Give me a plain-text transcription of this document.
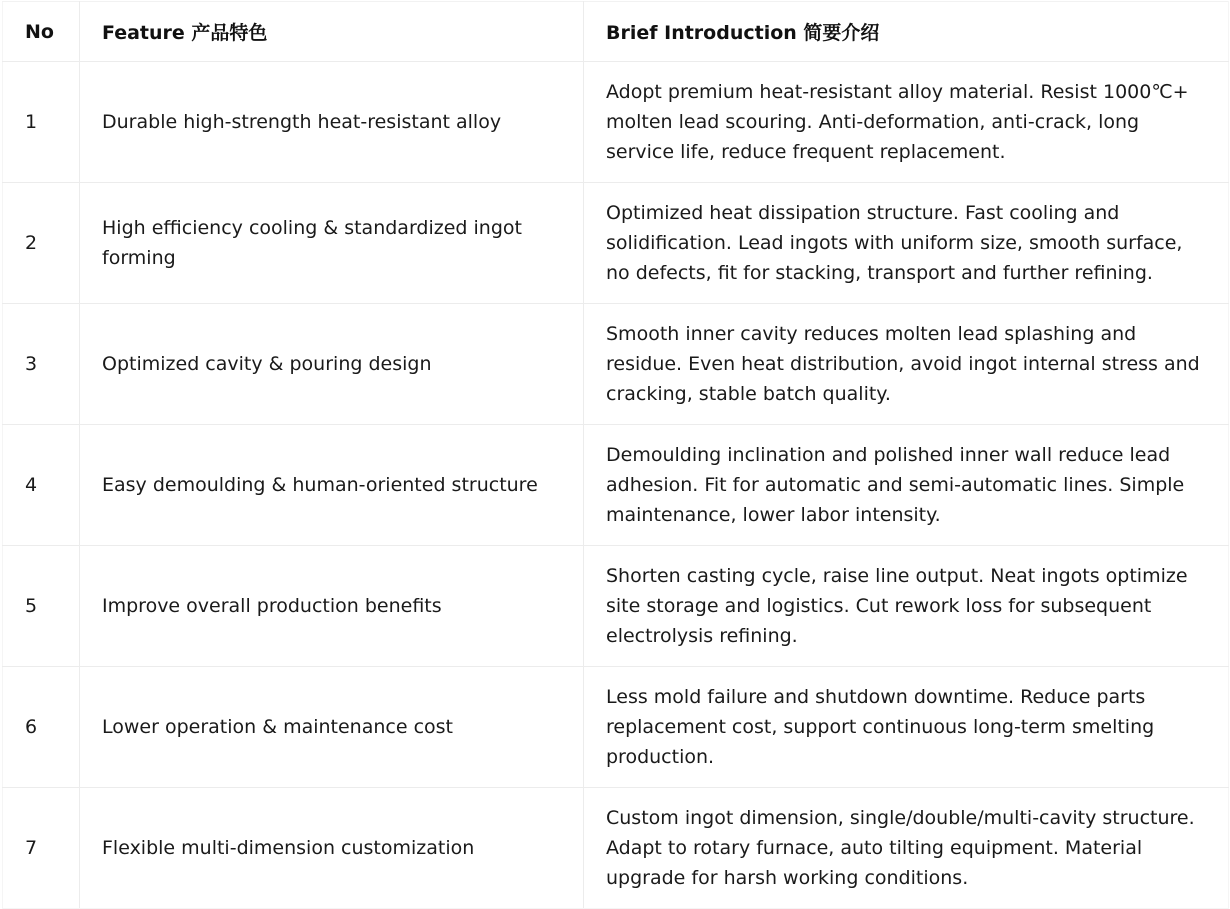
No	Feature 产品特色	Brief Introduction 简要介绍
1	Durable high-strength heat-resistant alloy	Adopt premium heat-resistant alloy material. Resist 1000℃+ molten lead scouring. Anti-deformation, anti-crack, long service life, reduce frequent replacement.
2	High efficiency cooling & standardized ingot forming	Optimized heat dissipation structure. Fast cooling and solidification. Lead ingots with uniform size, smooth surface, no defects, fit for stacking, transport and further refining.
3	Optimized cavity & pouring design	Smooth inner cavity reduces molten lead splashing and residue. Even heat distribution, avoid ingot internal stress and cracking, stable batch quality.
4	Easy demoulding & human-oriented structure	Demoulding inclination and polished inner wall reduce lead adhesion. Fit for automatic and semi-automatic lines. Simple maintenance, lower labor intensity.
5	Improve overall production benefits	Shorten casting cycle, raise line output. Neat ingots optimize site storage and logistics. Cut rework loss for subsequent electrolysis refining.
6	Lower operation & maintenance cost	Less mold failure and shutdown downtime. Reduce parts replacement cost, support continuous long-term smelting production.
7	Flexible multi-dimension customization	Custom ingot dimension, single/double/multi-cavity structure. Adapt to rotary furnace, auto tilting equipment. Material upgrade for harsh working conditions.
